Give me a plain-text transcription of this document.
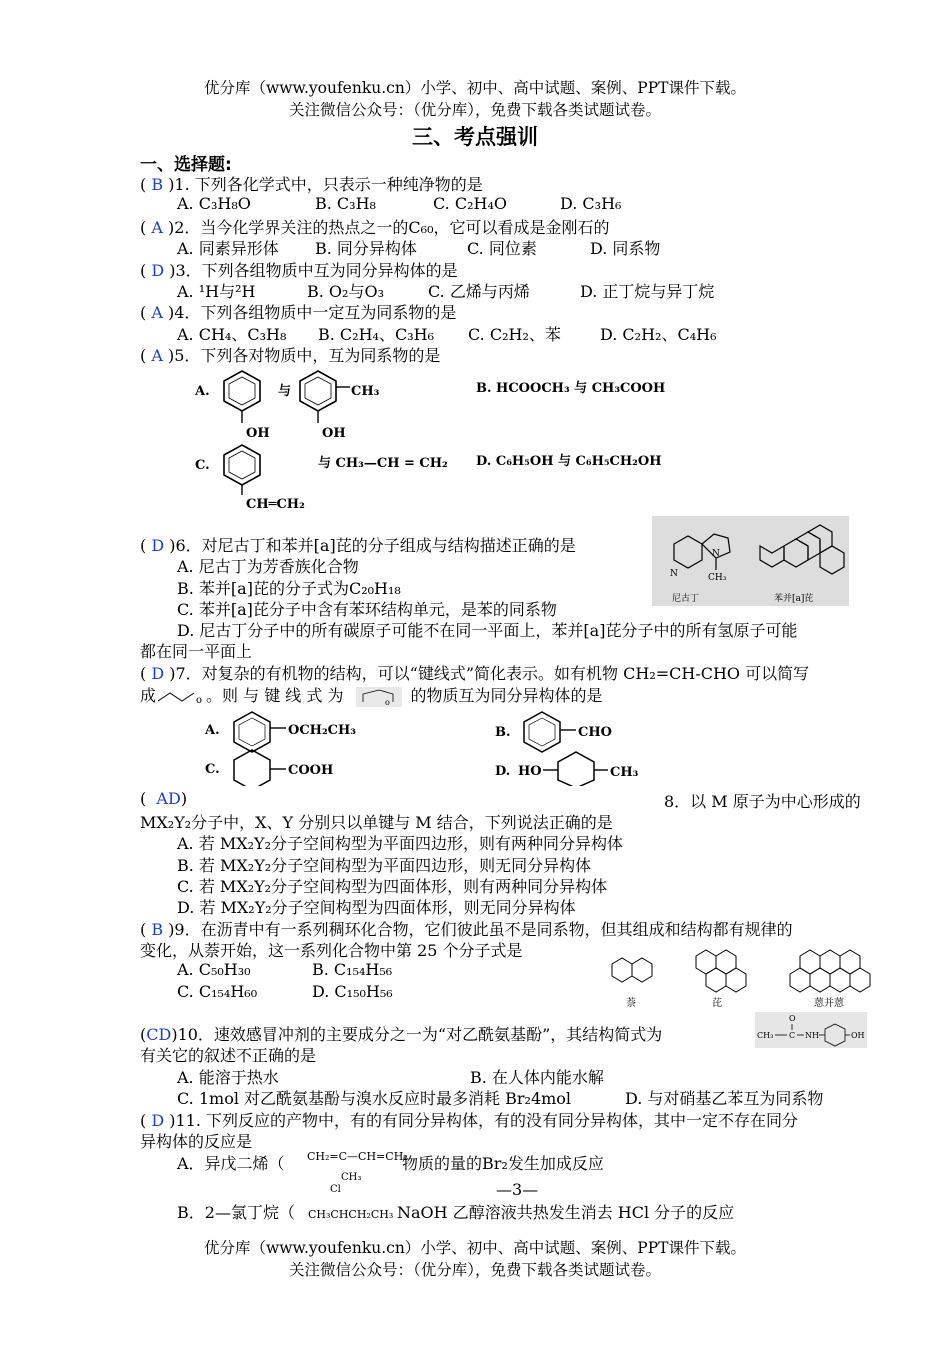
优分库（www.youfenku.cn）小学、初中、高中试题、案例、PPT课件下载。
关注微信公众号：（优分库），免费下载各类试题试卷。
三、考点强训
一、选择题:
( B )1. 下列各化学式中，只表示一种纯净物的是
A. C₃H₈O	B. C₃H₈	C. C₂H₄O	D. C₃H₆
( A )2．当今化学界关注的热点之一的C₆₀，它可以看成是金刚石的
A. 同素异形体 B. 同分异构体	C. 同位素	D. 同系物
( D )3．下列各组物质中互为同分异构体的是
A. ¹H与²H	B. O₂与O₃	C. 乙烯与丙烯	D. 正丁烷与异丁烷
( A )4．下列各组物质中一定互为同系物的是
A. CH₄、C₃H₈ B. C₂H₄、C₃H₆ C. C₂H₂、苯 D. C₂H₂、C₄H₆
( A )5．下列各对物质中，互为同系物的是
A.
OH
与	CH₃
OH
B. HCOOCH₃ 与 CH₃COOH
C.
CH═CH₂
与 CH₃—CH = CH₂ D. C₆H₅OH 与 C₆H₅CH₂OH
( D )6．对尼古丁和苯并[a]芘的分子组成与结构描述正确的是
A. 尼古丁为芳香族化合物
B. 苯并[a]芘的分子式为C₂₀H₁₈
C. 苯并[a]芘分子中含有苯环结构单元，是苯的同系物
D. 尼古丁分子中的所有碳原子可能不在同一平面上，苯并[a]芘分子中的所有氢原子可能
都在同一平面上
N
N	CH₃
尼古丁	苯并[a]芘
( D )7．对复杂的有机物的结构，可以“键线式”简化表示。如有机物 CH₂=CH-CHO 可以简写
成	o 。则 与 键 线 式 为	o 的物质互为同分异构体的是
A.	OCH₂CH₃	B.	CHO
C.	COOH	D. HO	CH₃
(  AD)	8．以 M 原子为中心形成的
MX₂Y₂分子中，X、Y 分别只以单键与 M 结合，下列说法正确的是
A. 若 MX₂Y₂分子空间构型为平面四边形，则有两种同分异构体
B. 若 MX₂Y₂分子空间构型为平面四边形，则无同分异构体
C. 若 MX₂Y₂分子空间构型为四面体形，则有两种同分异构体
D. 若 MX₂Y₂分子空间构型为四面体形，则无同分异构体
( B )9．在沥青中有一系列稠环化合物，它们彼此虽不是同系物，但其组成和结构都有规律的
变化，从萘开始，这一系列化合物中第 25 个分子式是
A. C₅₀H₃₀	B. C₁₅₄H₅₆
C. C₁₅₄H₆₀	D. C₁₅₀H₅₆
萘	芘	蒽并蒽
(CD)10．速效感冒冲剂的主要成分之一为“对乙酰氨基酚”，其结构简式为	CH₃ C
O
NH	OH
有关它的叙述不正确的是
A. 能溶于热水	B. 在人体内能水解
C. 1mol 对乙酰氨基酚与溴水反应时最多消耗 Br₂4mol	D. 与对硝基乙苯互为同系物
( D )11. 下列反应的产物中，有的有同分异构体，有的没有同分异构体，其中一定不存在同分
异构体的反应是
A．异戊二烯（ CH₂=C—CH=CH₂
CH₃
物质的量的Br₂发生加成反应
—3—
Cl
B．2—氯丁烷（ CH₃CHCH₂CH₃ NaOH 乙醇溶液共热发生消去 HCl 分子的反应
优分库（www.youfenku.cn）小学、初中、高中试题、案例、PPT课件下载。
关注微信公众号：（优分库），免费下载各类试题试卷。
